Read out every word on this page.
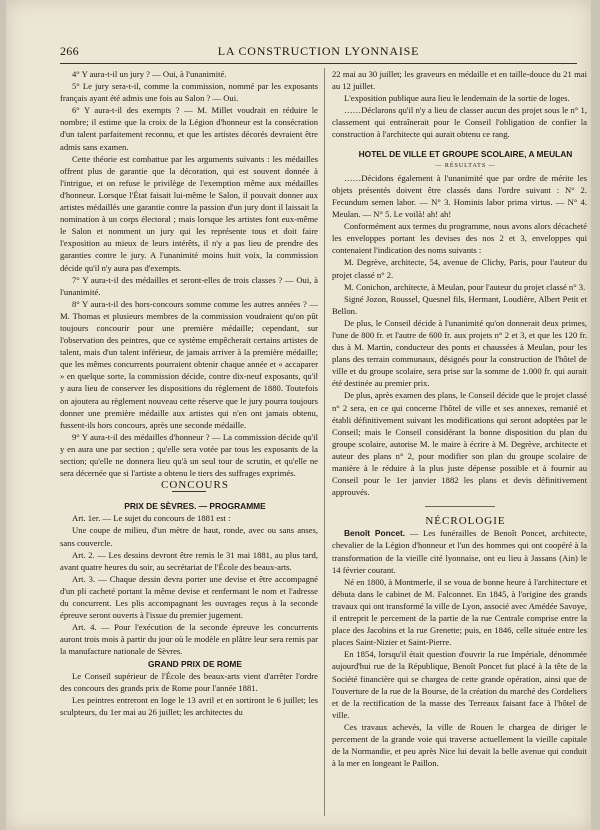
266	LA CONSTRUCTION LYONNAISE

4° Y aura-t-il un jury ? — Oui, à l'unanimité.

5° Le jury sera-t-il, comme la commission, nommé par les exposants français ayant été admis une fois au Salon ? — Oui.

6° Y aura-t-il des exempts ? — M. Millet voudrait en réduire le nombre; il estime que la croix de la Légion d'honneur est la consécration d'un talent parfaitement reconnu, et que les artistes décorés devraient être admis sans examen.

Cette théorie est combattue par les arguments suivants : les médailles offrent plus de garantie que la décoration, qui est souvent donnée à l'intrigue, et on refuse le privilège de l'exemption même aux médailles d'honneur. Lorsque l'État faisait lui-même le Salon, il pouvait donner aux artistes médaillés une garantie contre la passion d'un jury dont il laissait la nomination à un corps électoral ; mais lorsque les artistes font eux-même le Salon et nomment un jury qui les représente tous et doit faire l'exposition au mieux de leurs intérêts, il n'y a pas lieu de prendre des garanties contre le jury. A l'unanimité moins huit voix, la commission décide qu'il n'y aura pas d'exempts.

7° Y aura-t-il des médailles et seront-elles de trois classes ? — Oui, à l'unanimité.

8° Y aura-t-il des hors-concours somme comme les autres années ? — M. Thomas et plusieurs membres de la commission voudraient qu'on pût toujours concourir pour une première médaille; cependant, sur l'observation des peintres, que ce système empêcherait certains artistes de talent, mais d'un talent inférieur, de jamais arriver à la première médaille; que les mêmes concurrents pourraient obtenir chaque année et « accaparer » en quelque sorte, la commission décide, contre dix-neuf exposants, qu'il y aura lieu de conserver les dispositions du règlement de 1880. Toutefois on ajoutera au règlement nouveau cette réserve que le jury pourra toujours donner une première médaille aux artistes qui n'en ont jamais obtenu, fussent-ils hors concours, après une seconde médaille.

9° Y aura-t-il des médailles d'honneur ? — La commission décide qu'il y en aura une par section ; qu'elle sera votée par tous les exposants de la section; qu'elle ne donnera lieu qu'à un seul tour de scrutin, et qu'elle ne sera décernée que si l'artiste a obtenu le tiers des suffrages exprimés.

CONCOURS

PRIX DE SÈVRES. — PROGRAMME

Art. 1er. — Le sujet du concours de 1881 est :

Une coupe de milieu, d'un mètre de haut, ronde, avec ou sans anses, sans couvercle.

Art. 2. — Les dessins devront être remis le 31 mai 1881, au plus tard, avant quatre heures du soir, au secrétariat de l'École des beaux-arts.

Art. 3. — Chaque dessin devra porter une devise et être accompagné d'un pli cacheté portant la même devise et renfermant le nom et l'adresse du concurrent. Les plis accompagnant les ouvrages reçus à la seconde épreuve seront ouverts à l'issue du premier jugement.

Art. 4. — Pour l'exécution de la seconde épreuve les concurrents auront trois mois à partir du jour où le modèle en plâtre leur sera remis par la manufacture nationale de Sèvres.

GRAND PRIX DE ROME

Le Conseil supérieur de l'École des beaux-arts vient d'arrêter l'ordre des concours des grands prix de Rome pour l'année 1881.

Les peintres entreront en loge le 13 avril et en sortiront le 6 juillet; les sculpteurs, du 1er mai au 26 juillet; les architectes du

22 mai au 30 juillet; les graveurs en médaille et en taille-douce du 21 mai au 12 juillet.

L'exposition publique aura lieu le lendemain de la sortie de loges.

……Déclarons qu'il n'y a lieu de classer aucun des projet sous le n° 1, classement qui entraînerait pour le Conseil l'obligation de confier la construction à l'architecte qui aurait obtenu ce rang.

HOTEL DE VILLE ET GROUPE SCOLAIRE, A MEULAN

— RÉSULTATS —

……Décidons également à l'unanimité que par ordre de mérite les objets présentés doivent être classés dans l'ordre suivant : N° 2. Fecundum semen labor. — N° 3. Hominis labor prima virtus. — N° 4. Meulan. — N° 5. Le voilà! ah! ah!

Conformément aux termes du programme, nous avons alors décacheté les enveloppes portant les devises des nos 2 et 3, enveloppes qui contenaient l'indication des noms suivants :

M. Degrève, architecte, 54, avenue de Clichy, Paris, pour l'auteur du projet classé n° 2.

M. Conichon, architecte, à Meulan, pour l'auteur du projet classé n° 3.

Signé Jozon, Roussel, Quesnel fils, Hermant, Loudière, Albert Petit et Bellon.

De plus, le Conseil décide à l'unanimité qu'on donnerait deux primes, l'une de 800 fr. et l'autre de 600 fr. aux projets n° 2 et 3, et que les 120 fr. dus à M. Martin, conducteur des ponts et chaussées à Meulan, pour les plans des terrain communaux, désignés pour la construction de l'hôtel de ville et du groupe scolaire, sera prise sur la somme de 1.000 fr. qui aurait été destinée au premier prix.

De plus, après examen des plans, le Conseil décide que le projet classé n° 2 sera, en ce qui concerne l'hôtel de ville et ses annexes, remanié et établi définitivement suivant les modifications qui seront adoptées par le Conseil; mais le Conseil considérant la bonne disposition du plan du groupe scolaire, autorise M. le maire à écrire à M. Degrève, architecte et auteur des plans n° 2, pour modifier son plan du groupe scolaire de manière à le réduire à la plus juste dépense possible et à fournir au Conseil pour le 1er janvier 1882 les plans et devis définitivement approuvés.

NÉCROLOGIE

Benoît Poncet. — Les funérailles de Benoît Poncet, architecte, chevalier de la Légion d'honneur et l'un des hommes qui ont coopéré à la transformation de la vieille cité lyonnaise, ont eu lieu à Jassans (Ain) le 14 février courant.

Né en 1800, à Montmerle, il se voua de bonne heure à l'architecture et débuta dans le cabinet de M. Falconnet. En 1845, à l'origine des grands travaux qui ont transformé la ville de Lyon, associé avec Amédée Savoye, il entreprit le percement de la partie de la rue Centrale comprise entre la place des Jacobins et la rue Grenette; puis, en 1846, celle située entre les places Saint-Nizier et Saint-Pierre.

En 1854, lorsqu'il était question d'ouvrir la rue Impériale, dénommée aujourd'hui rue de la République, Benoît Poncet fut placé à la tête de la Société financière qui se chargea de cette grande opération, ainsi que de l'ouverture de la rue de la Bourse, de la création du marché des Cordeliers et de la rectification de la masse des Terreaux faisant face à l'hôtel de ville.

Ces travaux achevés, la ville de Rouen le chargea de diriger le percement de la grande voie qui traverse actuellement la vieille capitale de la Normandie, et peu après Nice lui devait la belle avenue qui conduit à la mer en longeant le Paillon.
